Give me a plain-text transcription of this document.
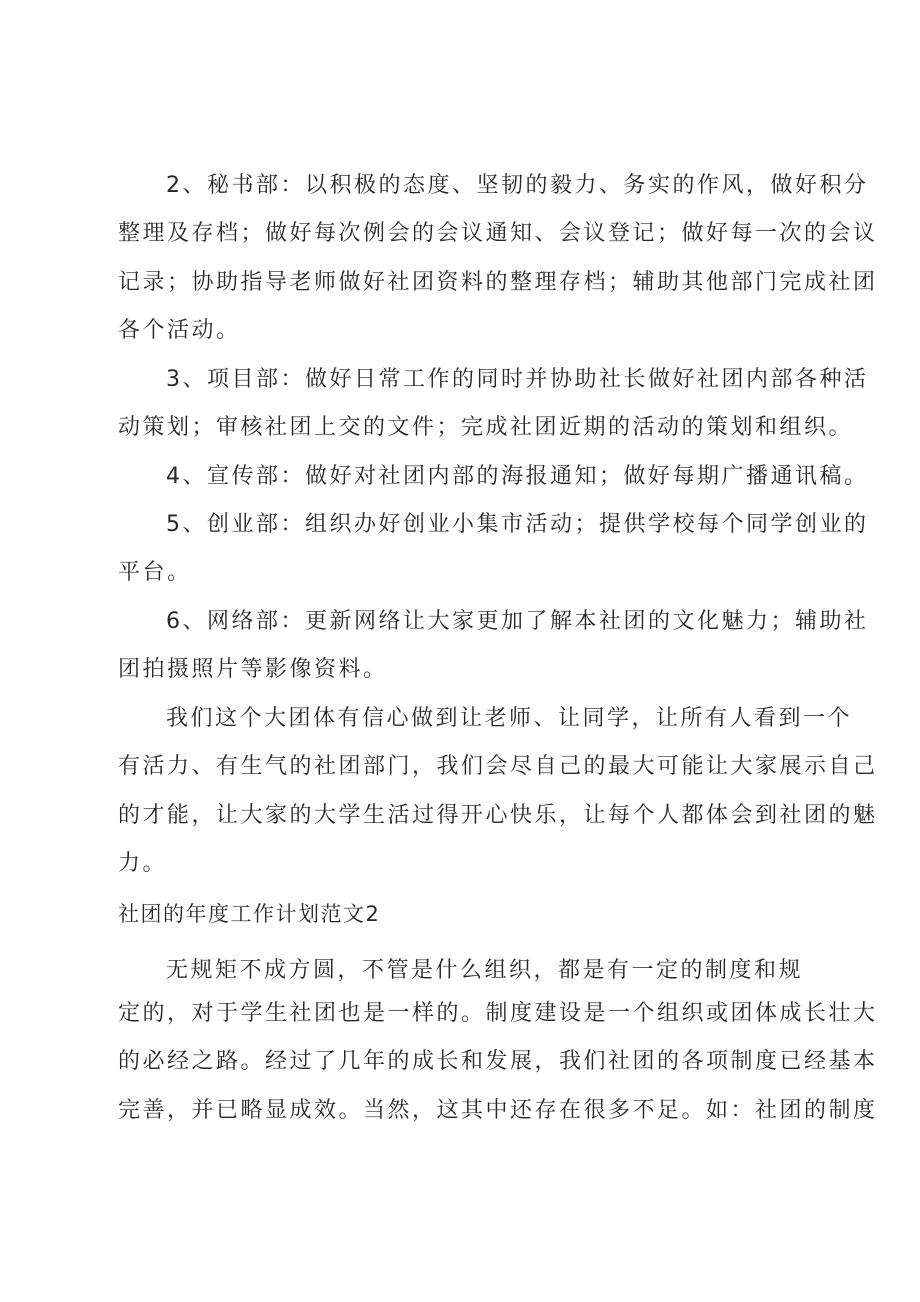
2、秘书部：以积极的态度、坚韧的毅力、务实的作风，做好积分
整理及存档；做好每次例会的会议通知、会议登记；做好每一次的会议
记录；协助指导老师做好社团资料的整理存档；辅助其他部门完成社团
各个活动。
3、项目部：做好日常工作的同时并协助社长做好社团内部各种活
动策划；审核社团上交的文件；完成社团近期的活动的策划和组织。
4、宣传部：做好对社团内部的海报通知；做好每期广播通讯稿。
5、创业部：组织办好创业小集市活动；提供学校每个同学创业的
平台。
6、网络部：更新网络让大家更加了解本社团的文化魅力；辅助社
团拍摄照片等影像资料。
我们这个大团体有信心做到让老师、让同学，让所有人看到一个
有活力、有生气的社团部门，我们会尽自己的最大可能让大家展示自己
的才能，让大家的大学生活过得开心快乐，让每个人都体会到社团的魅
力。
社团的年度工作计划范文2
无规矩不成方圆，不管是什么组织，都是有一定的制度和规
定的，对于学生社团也是一样的。制度建设是一个组织或团体成长壮大
的必经之路。经过了几年的成长和发展，我们社团的各项制度已经基本
完善，并已略显成效。当然，这其中还存在很多不足。如：社团的制度
